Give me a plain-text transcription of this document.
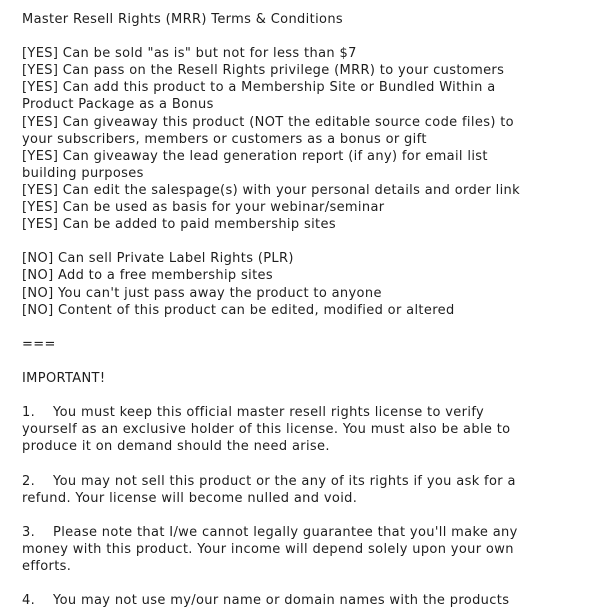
Master Resell Rights (MRR) Terms & Conditions
[YES] Can be sold "as is" but not for less than $7
[YES] Can pass on the Resell Rights privilege (MRR) to your customers
[YES] Can add this product to a Membership Site or Bundled Within a
Product Package as a Bonus
[YES] Can giveaway this product (NOT the editable source code files) to
your subscribers, members or customers as a bonus or gift
[YES] Can giveaway the lead generation report (if any) for email list
building purposes
[YES] Can edit the salespage(s) with your personal details and order link
[YES] Can be used as basis for your webinar/seminar
[YES] Can be added to paid membership sites
[NO] Can sell Private Label Rights (PLR)
[NO] Add to a free membership sites
[NO] You can't just pass away the product to anyone
[NO] Content of this product can be edited, modified or altered
===
IMPORTANT!
1.    You must keep this official master resell rights license to verify
yourself as an exclusive holder of this license. You must also be able to
produce it on demand should the need arise.
2.    You may not sell this product or the any of its rights if you ask for a
refund. Your license will become nulled and void.
3.    Please note that I/we cannot legally guarantee that you'll make any
money with this product. Your income will depend solely upon your own
efforts.
4.    You may not use my/our name or domain names with the products
